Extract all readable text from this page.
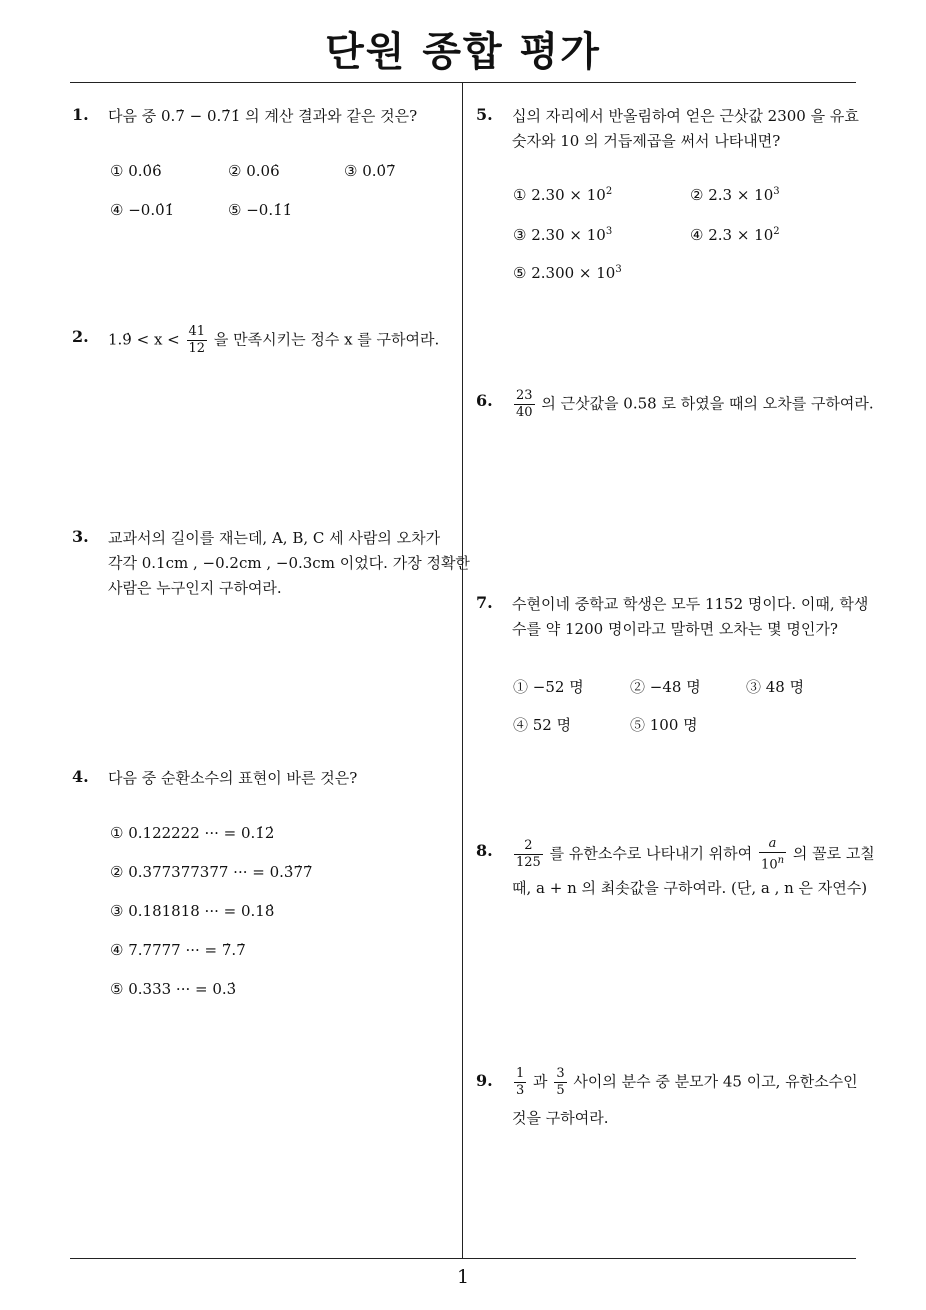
단원 종합 평가
1
1. 다음 중 0.7̇ − 0.7̇1̇ 의 계산 결과와 같은 것은?
① 0.0̇6̇	② 0.06̇	③ 0.0̇7̇
④ −0.0̇1̇	⑤ −0.1̇1̇
2. 1.9̇ < $x < \frac{41}{12}$ 을 만족시키는 정수 x 를 구하여라.
3. 교과서의 길이를 재는데, A, B, C 세 사람의 오차가
각각 0.1cm , −0.2cm , −0.3cm 이었다. 가장 정확한
사람은 누구인지 구하여라.
4. 다음 중 순환소수의 표현이 바른 것은?
① 0.122222 ··· = 0.1̇2̇
② 0.377377377 ··· = 0.3̇7̇7̇
③ 0.181818 ··· = 0.18̇
④ 7.7777 ··· = 7̇.7̇
⑤ 0.333 ··· = 0.3̇
5. 십의 자리에서 반올림하여 얻은 근삿값 2300 을 유효
숫자와 10 의 거듭제곱을 써서 나타내면?
① $2.30 \times 10^2$	② $2.3 \times 10^3$
③ $2.30 \times 10^3$	④ $2.3 \times 10^2$
⑤ $2.300 \times 10^3$
6. $\frac{23}{40}$ 의 근삿값을 0.58 로 하였을 때의 오차를 구하여라.
7. 수현이네 중학교 학생은 모두 1152 명이다. 이때, 학생
수를 약 1200 명이라고 말하면 오차는 몇 명인가?
① −52 명	② −48 명	③ 48 명
④ 52 명	⑤ 100 명
8. $\frac{2}{125}$ 를 유한소수로 나타내기 위하여 $\frac{a}{10^n}$ 의 꼴로 고칠
때, a + n 의 최솟값을 구하여라. (단, a , n 은 자연수)
9. $\frac{1}{3}$ 과 $\frac{3}{5}$ 사이의 분수 중 분모가 45 이고, 유한소수인
것을 구하여라.
